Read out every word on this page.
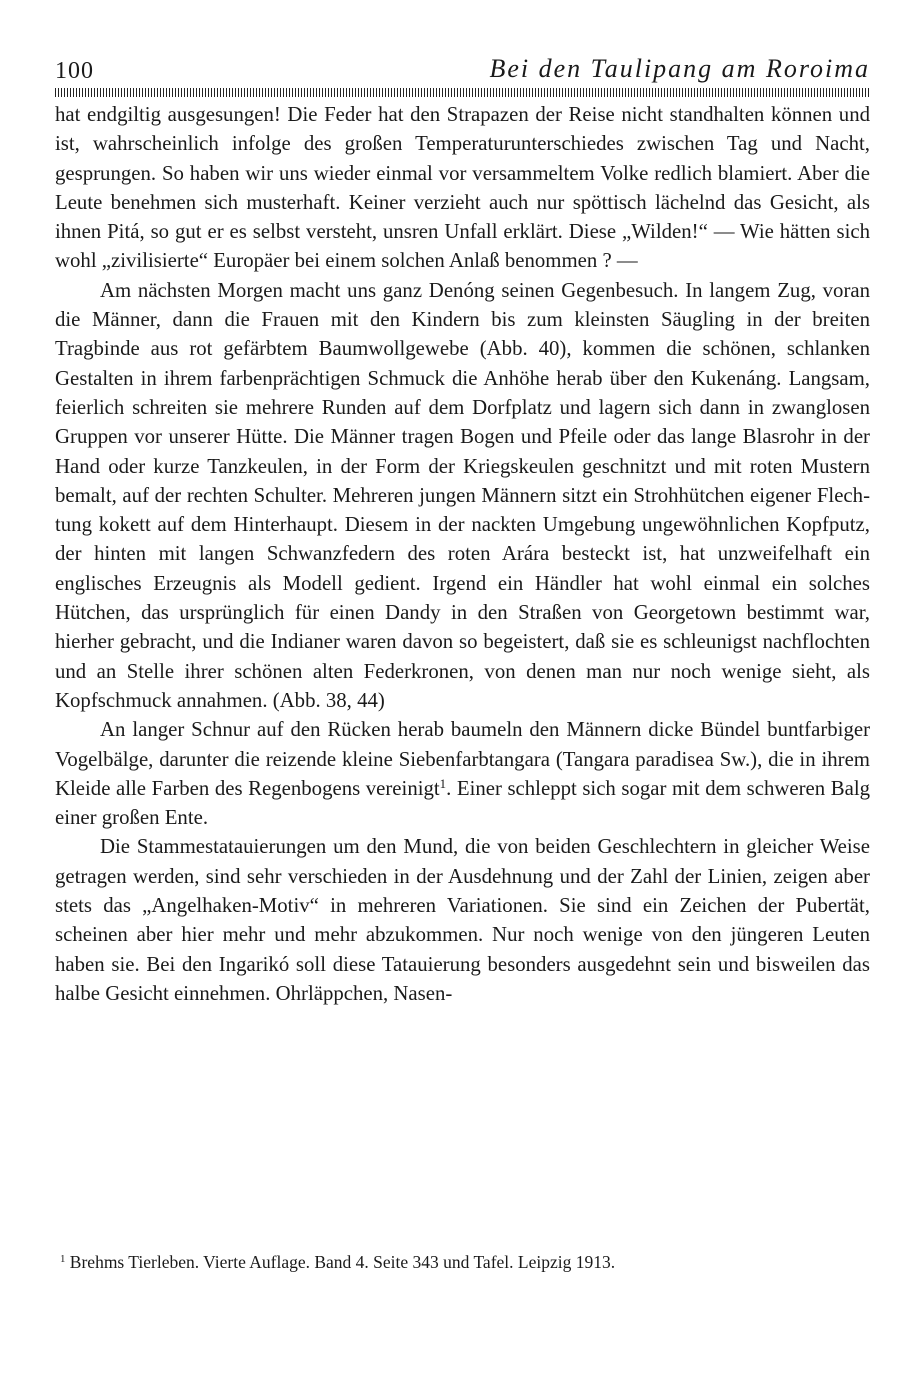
100	Bei den Taulipang am Roroima

hat endgiltig ausgesungen! Die Feder hat den Strapazen der Reise nicht standhalten können und ist, wahrscheinlich infolge des großen Temperaturunterschiedes zwischen Tag und Nacht, gesprungen. So haben wir uns wieder einmal vor versammeltem Volke redlich blamiert. Aber die Leute benehmen sich musterhaft. Keiner verzieht auch nur spöttisch lächelnd das Gesicht, als ihnen Pitá, so gut er es selbst versteht, unsren Unfall erklärt. Diese „Wilden!“ — Wie hätten sich wohl „zivilisierte“ Europäer bei einem solchen Anlaß benommen ? —

Am nächsten Morgen macht uns ganz Denóng seinen Gegenbesuch. In langem Zug, voran die Männer, dann die Frauen mit den Kindern bis zum kleinsten Säugling in der breiten Tragbinde aus rot gefärbtem Baumwollgewebe (Abb. 40), kommen die schönen, schlanken Gestalten in ihrem farbenprächtigen Schmuck die Anhöhe herab über den Kukenáng. Langsam, feierlich schreiten sie mehrere Runden auf dem Dorfplatz und lagern sich dann in zwanglosen Gruppen vor unserer Hütte. Die Männer tragen Bogen und Pfeile oder das lange Blasrohr in der Hand oder kurze Tanzkeulen, in der Form der Kriegskeulen geschnitzt und mit roten Mustern bemalt, auf der rechten Schulter. Mehreren jungen Männern sitzt ein Strohhütchen eigener Flechtung kokett auf dem Hinterhaupt. Diesem in der nackten Umgebung ungewöhnlichen Kopfputz, der hinten mit langen Schwanzfedern des roten Arára besteckt ist, hat unzweifelhaft ein englisches Erzeugnis als Modell gedient. Irgend ein Händler hat wohl einmal ein solches Hütchen, das ursprünglich für einen Dandy in den Straßen von Georgetown bestimmt war, hierher gebracht, und die Indianer waren davon so begeistert, daß sie es schleunigst nachflochten und an Stelle ihrer schönen alten Federkronen, von denen man nur noch wenige sieht, als Kopfschmuck annahmen. (Abb. 38, 44)

An langer Schnur auf den Rücken herab baumeln den Männern dicke Bündel buntfarbiger Vogelbälge, darunter die reizende kleine Siebenfarbtangara (Tangara paradisea Sw.), die in ihrem Kleide alle Farben des Regenbogens vereinigt$^1$. Einer schleppt sich sogar mit dem schweren Balg einer großen Ente.

Die Stammestatauierungen um den Mund, die von beiden Geschlechtern in gleicher Weise getragen werden, sind sehr verschieden in der Ausdehnung und der Zahl der Linien, zeigen aber stets das „Angelhaken-Motiv“ in mehreren Variationen. Sie sind ein Zeichen der Pubertät, scheinen aber hier mehr und mehr abzukommen. Nur noch wenige von den jüngeren Leuten haben sie. Bei den Ingarikó soll diese Tatauierung besonders ausgedehnt sein und bisweilen das halbe Gesicht einnehmen. Ohrläppchen, Nasen-

$^1$ Brehms Tierleben. Vierte Auflage. Band 4. Seite 343 und Tafel. Leipzig 1913.
